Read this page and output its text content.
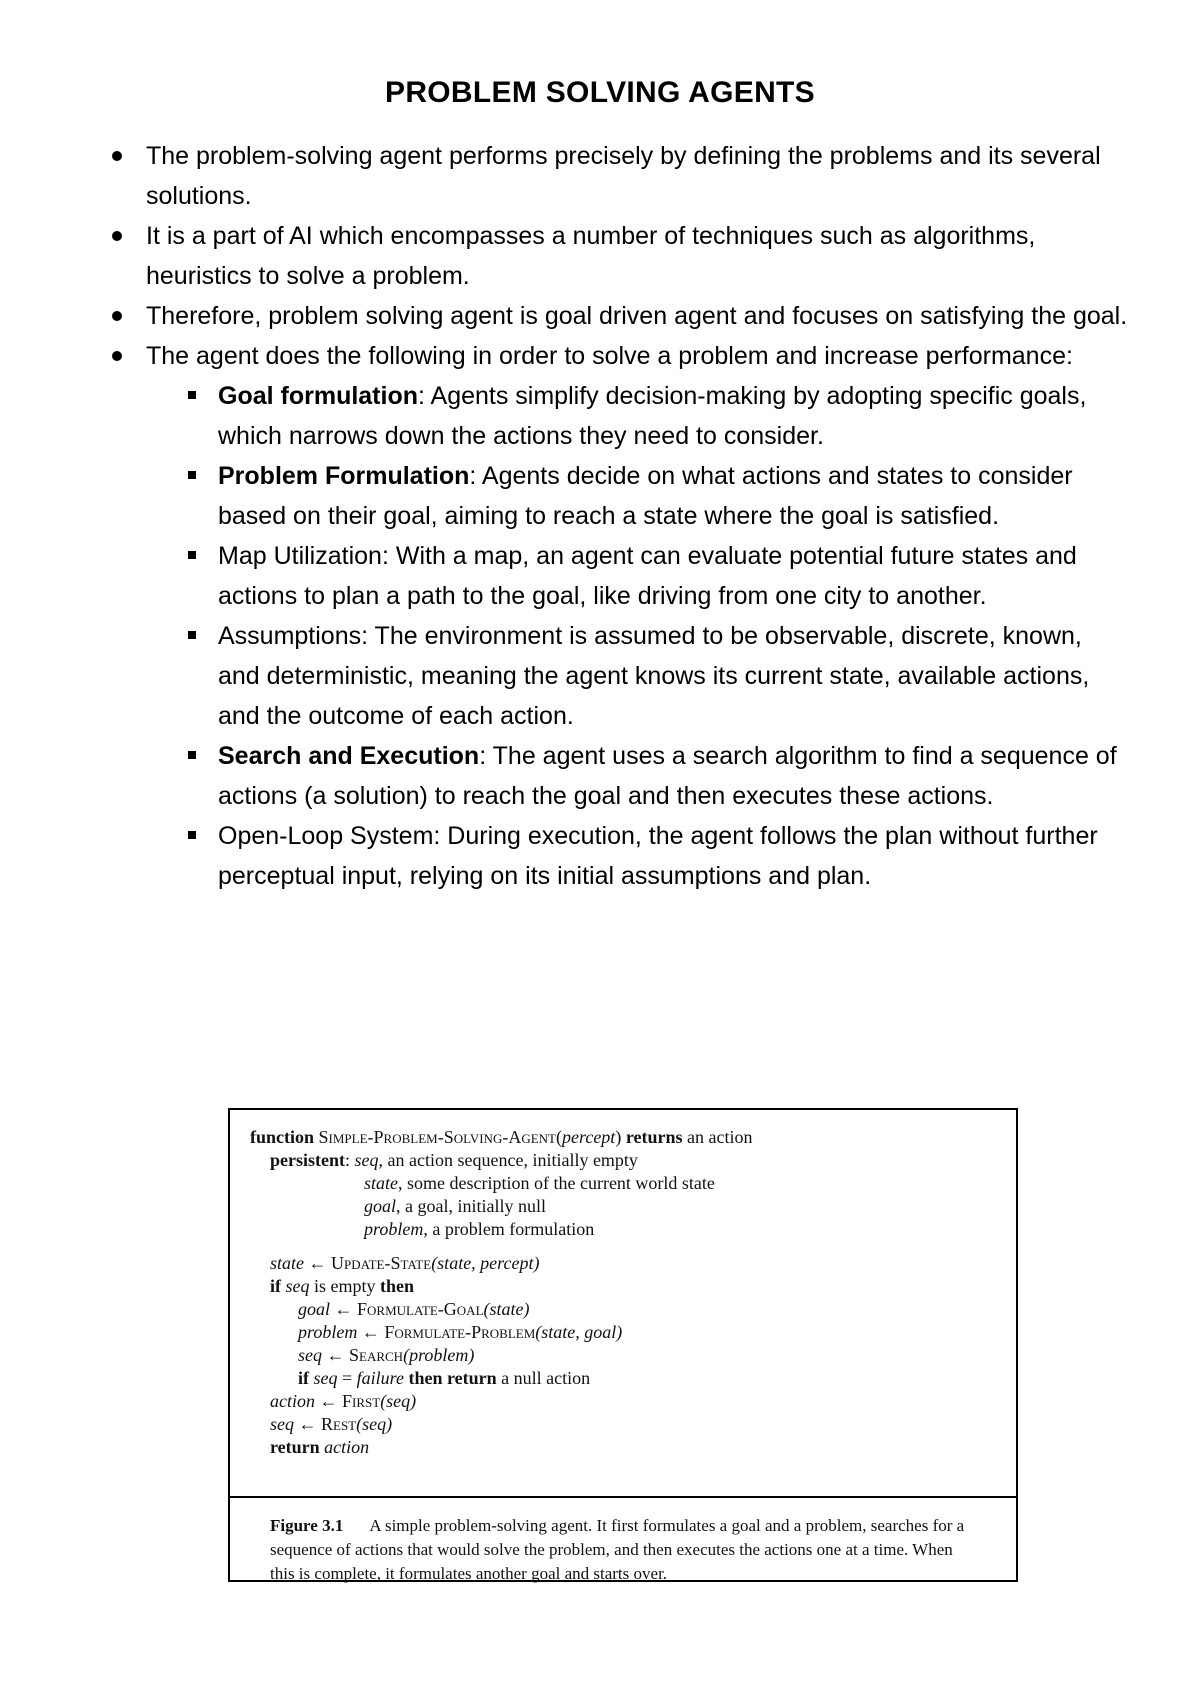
PROBLEM SOLVING AGENTS
The problem-solving agent performs precisely by defining the problems and its several solutions.
It is a part of AI which encompasses a number of techniques such as algorithms, heuristics to solve a problem.
Therefore, problem solving agent is goal driven agent and focuses on satisfying the goal.
The agent does the following in order to solve a problem and increase performance:
Goal formulation: Agents simplify decision-making by adopting specific goals, which narrows down the actions they need to consider.
Problem Formulation: Agents decide on what actions and states to consider based on their goal, aiming to reach a state where the goal is satisfied.
Map Utilization: With a map, an agent can evaluate potential future states and actions to plan a path to the goal, like driving from one city to another.
Assumptions: The environment is assumed to be observable, discrete, known, and deterministic, meaning the agent knows its current state, available actions, and the outcome of each action.
Search and Execution: The agent uses a search algorithm to find a sequence of actions (a solution) to reach the goal and then executes these actions.
Open-Loop System: During execution, the agent follows the plan without further perceptual input, relying on its initial assumptions and plan.
function Simple-Problem-Solving-Agent(percept) returns an action
persistent: seq, an action sequence, initially empty
state, some description of the current world state
goal, a goal, initially null
problem, a problem formulation
state ← Update-State(state, percept)
if seq is empty then
goal ← Formulate-Goal(state)
problem ← Formulate-Problem(state, goal)
seq ← Search(problem)
if seq = failure then return a null action
action ← First(seq)
seq ← Rest(seq)
return action
Figure 3.1 A simple problem-solving agent. It first formulates a goal and a problem, searches for a sequence of actions that would solve the problem, and then executes the actions one at a time. When this is complete, it formulates another goal and starts over.
